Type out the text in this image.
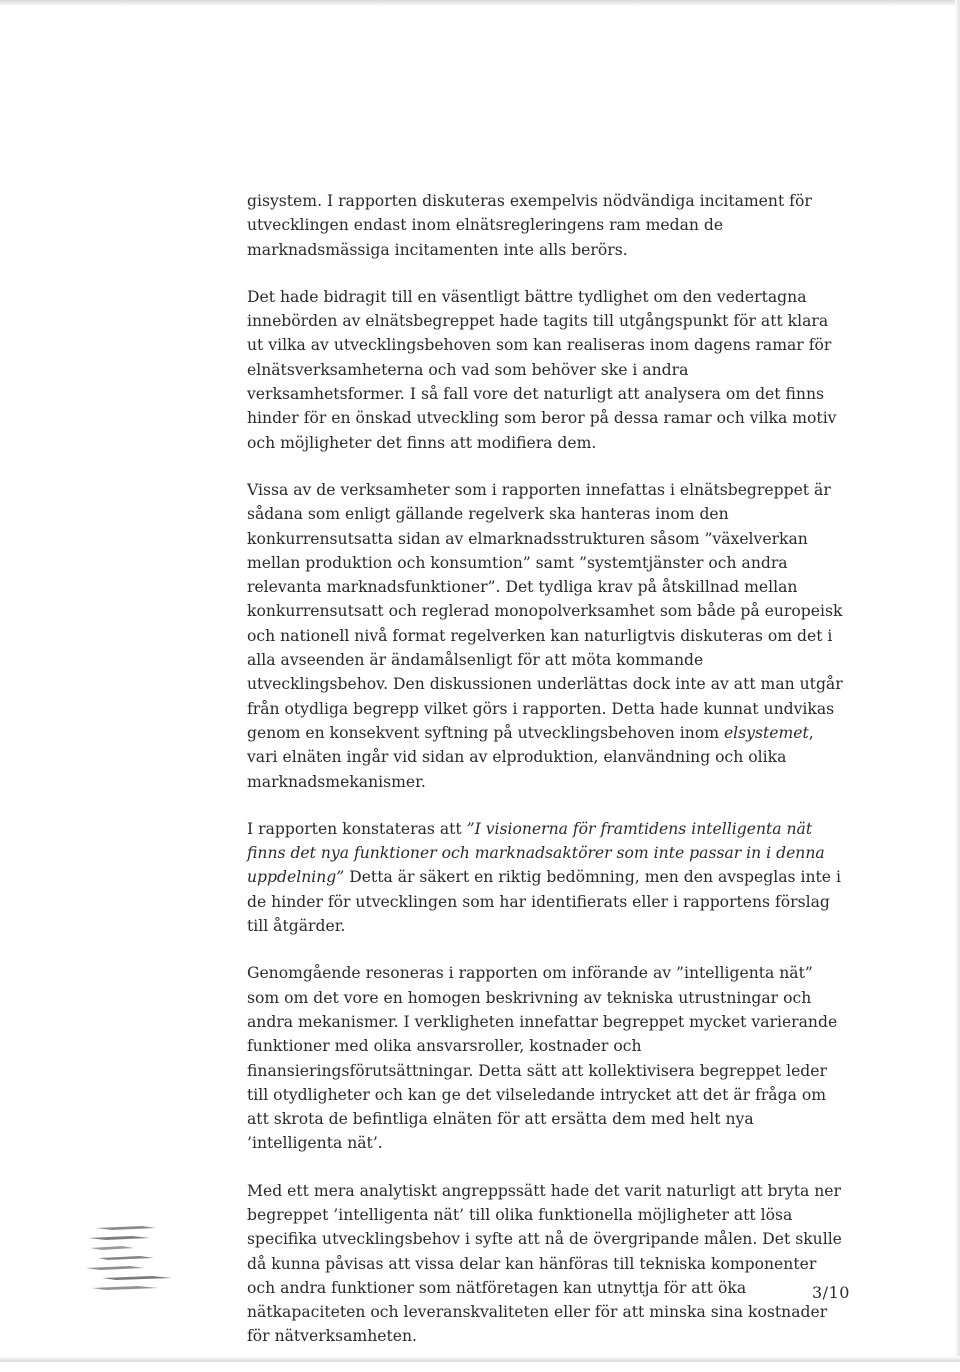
gisystem. I rapporten diskuteras exempelvis nödvändiga incitament för utvecklingen endast inom elnätsregleringens ram medan de marknadsmässiga incitamenten inte alls berörs.

Det hade bidragit till en väsentligt bättre tydlighet om den vedertagna innebörden av elnätsbegreppet hade tagits till utgångspunkt för att klara ut vilka av utvecklingsbehoven som kan realiseras inom dagens ramar för elnätsverksamheterna och vad som behöver ske i andra verksamhetsformer. I så fall vore det naturligt att analysera om det finns hinder för en önskad utveckling som beror på dessa ramar och vilka motiv och möjligheter det finns att modifiera dem.

Vissa av de verksamheter som i rapporten innefattas i elnätsbegreppet är sådana som enligt gällande regelverk ska hanteras inom den konkurrensutsatta sidan av elmarknadsstrukturen såsom ”växelverkan mellan produktion och konsumtion” samt ”systemtjänster och andra relevanta marknadsfunktioner”. Det tydliga krav på åtskillnad mellan konkurrensutsatt och reglerad monopolverksamhet som både på europeisk och nationell nivå format regelverken kan naturligtvis diskuteras om det i alla avseenden är ändamålsenligt för att möta kommande utvecklingsbehov. Den diskussionen underlättas dock inte av att man utgår från otydliga begrepp vilket görs i rapporten. Detta hade kunnat undvikas genom en konsekvent syftning på utvecklingsbehoven inom elsystemet, vari elnäten ingår vid sidan av elproduktion, elanvändning och olika marknadsmekanismer.

I rapporten konstateras att ”I visionerna för framtidens intelligenta nät finns det nya funktioner och marknadsaktörer som inte passar in i denna uppdelning” Detta är säkert en riktig bedömning, men den avspeglas inte i de hinder för utvecklingen som har identifierats eller i rapportens förslag till åtgärder.

Genomgående resoneras i rapporten om införande av ”intelligenta nät” som om det vore en homogen beskrivning av tekniska utrustningar och andra mekanismer. I verkligheten innefattar begreppet mycket varierande funktioner med olika ansvarsroller, kostnader och finansieringsförutsättningar. Detta sätt att kollektivisera begreppet leder till otydligheter och kan ge det vilseledande intrycket att det är fråga om att skrota de befintliga elnäten för att ersätta dem med helt nya ’intelligenta nät’.

Med ett mera analytiskt angreppssätt hade det varit naturligt att bryta ner begreppet ’intelligenta nät’ till olika funktionella möjligheter att lösa specifika utvecklingsbehov i syfte att nå de övergripande målen. Det skulle då kunna påvisas att vissa delar kan hänföras till tekniska komponenter och andra funktioner som nätföretagen kan utnyttja för att öka nätkapaciteten och leveranskvaliteten eller för att minska sina kostnader för nätverksamheten.

3/10
